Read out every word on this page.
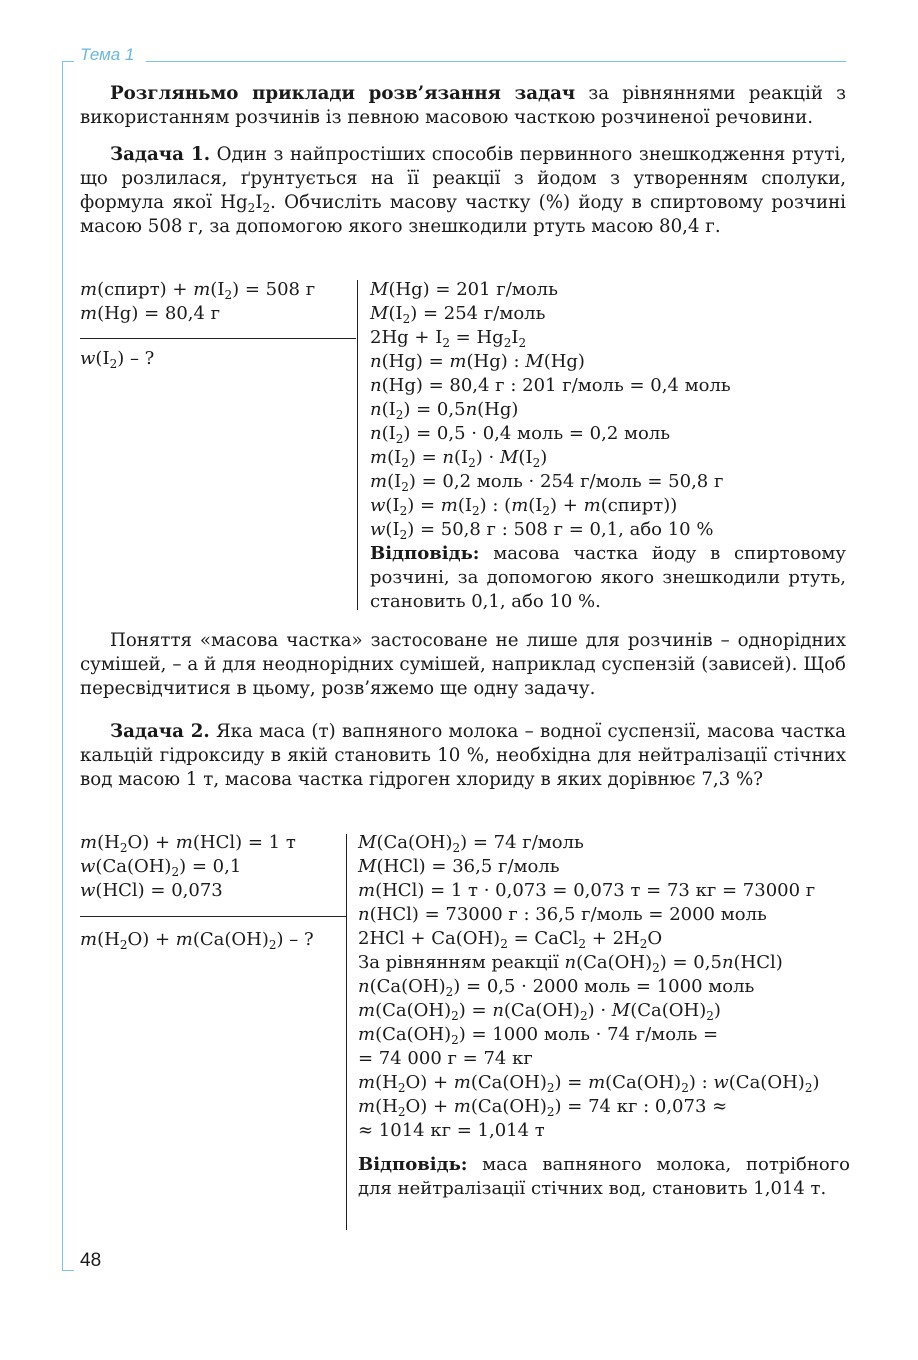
Тема 1
48

Розгляньмо приклади розв’язання задач за рівняннями реакцій з використанням розчинів із певною масовою часткою розчиненої речовини.

Задача 1. Один з найпростіших способів первинного знешкодження ртуті, що розлилася, ґрунтується на її реакції з йодом з утворенням сполуки, формула якої $Hg_2I_2$. Обчисліть масову частку (%) йоду в спиртовому розчині масою 508 г, за допомогою якого знешкодили ртуть масою 80,4 г.

m(спирт) + $m(I_2) = 508$ г
m(Hg) = 80,4 г
$w(I_2)$ – ?
M(Hg) = 201 г/моль
$M(I_2) = 254$ г/моль
$2Hg + I_2 = Hg_2I_2$
n(Hg) = m(Hg) : M(Hg)
n(Hg) = 80,4 г : 201 г/моль = 0,4 моль
$n(I_2) = 0,5n(Hg)$
$n(I_2) = 0,5 \cdot 0,4$ моль = 0,2 моль
$m(I_2) = n(I_2) \cdot M(I_2)$
$m(I_2) = 0,2$ моль · 254 г/моль = 50,8 г
$w(I_2) = m(I_2)$ : ($m(I_2)$ + m(спирт))
$w(I_2) = 50,8$ г : 508 г = 0,1, або 10 %
Відповідь: масова частка йоду в спиртовому розчині, за допомогою якого знешкодили ртуть, становить 0,1, або 10 %.

Поняття «масова частка» застосоване не лише для розчинів – однорідних сумішей, – а й для неоднорідних сумішей, наприклад суспензій (зависей). Щоб пересвідчитися в цьому, розв’яжемо ще одну задачу.

Задача 2. Яка маса (т) вапняного молока – водної суспензії, масова частка кальцій гідроксиду в якій становить 10 %, необхідна для нейтралізації стічних вод масою 1 т, масова частка гідроген хлориду в яких дорівнює 7,3 %?

$m(H_2O) + m(HCl) = 1$ т
$w(Ca(OH)_2) = 0,1$
w(HCl) = 0,073
$m(H_2O) + m(Ca(OH)_2)$ – ?
$M(Ca(OH)_2) = 74$ г/моль
M(HCl) = 36,5 г/моль
m(HCl) = 1 т · 0,073 = 0,073 т = 73 кг = 73000 г
n(HCl) = 73000 г : 36,5 г/моль = 2000 моль
$2HCl + Ca(OH)_2$ = CaCl$_2$ + $2H_2O$
За рівнянням реакції $n(Ca(OH)_2) = 0,5n(HCl)$
$n(Ca(OH)_2) = 0,5 \cdot 2000$ моль = 1000 моль
$m(Ca(OH)_2) = n(Ca(OH)_2) \cdot M(Ca(OH)_2)$
$m(Ca(OH)_2) = 1000$ моль · 74 г/моль =
= 74 000 г = 74 кг
$m(H_2O) + m(Ca(OH)_2) = m(Ca(OH)_2)$ : $w(Ca(OH)_2)$
$m(H_2O) + m(Ca(OH)_2) = 74$ кг : 0,073 ≈
≈ 1014 кг = 1,014 т
Відповідь: маса вапняного молока, потрібного для нейтралізації стічних вод, становить 1,014 т.
